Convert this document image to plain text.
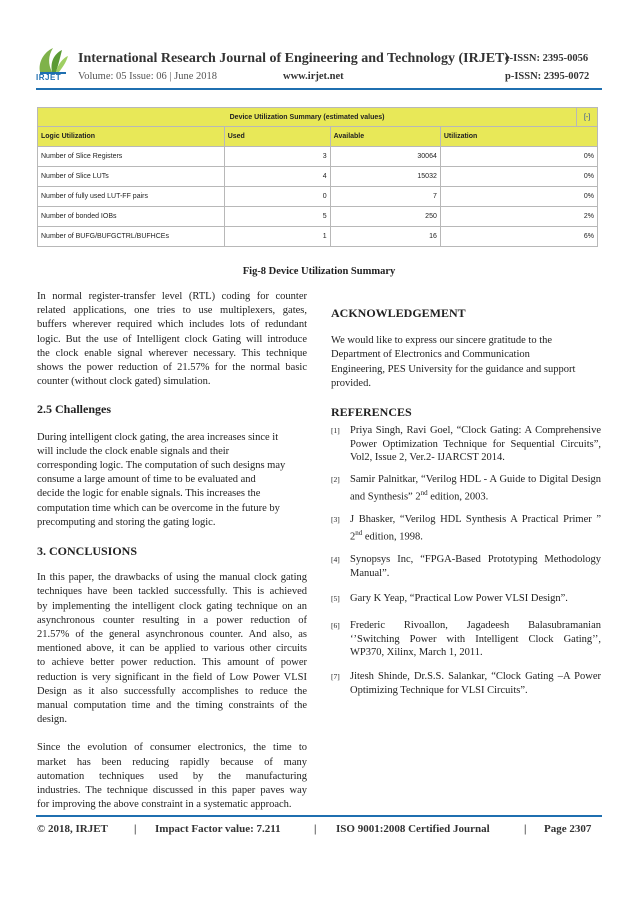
IRJET
International Research Journal of Engineering and Technology (IRJET)
e-ISSN: 2395-0056
Volume: 05 Issue: 06 | June 2018	www.irjet.net	p-ISSN: 2395-0072
Device Utilization Summary (estimated values)				[-]
Logic Utilization	Used	Available	Utilization	
Number of Slice Registers	3	30064	0%	
Number of Slice LUTs	4	15032	0%	
Number of fully used LUT-FF pairs	0	7	0%	
Number of bonded IOBs	5	250	2%	
Number of BUFG/BUFGCTRL/BUFHCEs	1	16	6%	
Fig-8 Device Utilization Summary
In normal register-transfer level (RTL) coding for counter
related applications, one tries to use multiplexers, gates,
buffers wherever required which includes lots of redundant
logic. But the use of Intelligent clock Gating will introduce
the clock enable signal wherever necessary. This technique
shows the power reduction of 21.57% for the normal basic
counter (without clock gated) simulation.
2.5 Challenges
During intelligent clock gating, the area increases since it
will include the clock enable signals and their
corresponding logic. The computation of such designs may
consume a large amount of time to be evaluated and
decide the logic for enable signals. This increases the
computation time which can be overcome in the future by
precomputing and storing the gating logic.
3. CONCLUSIONS
In this paper, the drawbacks of using the manual clock gating
techniques have been tackled successfully. This is achieved
by implementing the intelligent clock gating technique on an
asynchronous counter resulting in a power reduction of
21.57% of the general asynchronous counter. And also, as
mentioned above, it can be applied to various other circuits
to achieve better power reduction. This amount of power
reduction is very significant in the field of Low Power VLSI
Design as it also successfully accomplishes to reduce the
manual computation time and the timing constraints of the
design.
Since the evolution of consumer electronics, the time to
market has been reducing rapidly because of many
automation techniques used by the manufacturing
industries. The technique discussed in this paper paves way
for improving the above constraint in a systematic approach.
ACKNOWLEDGEMENT
We would like to express our sincere gratitude to the
Department of Electronics and Communication
Engineering, PES University for the guidance and support
provided.
REFERENCES
[1] Priya Singh, Ravi Goel, “Clock Gating: A Comprehensive
Power Optimization Technique for Sequential Circuits”,
Vol2, Issue 2, Ver.2- IJARCST 2014.
[2] Samir Palnitkar, “Verilog HDL - A Guide to Digital Design
and Synthesis” 2nd edition, 2003.
[3] J Bhasker, “Verilog HDL Synthesis A Practical Primer ”
2nd edition, 1998.
[4] Synopsys Inc, “FPGA-Based Prototyping Methodology
Manual”.
[5] Gary K Yeap, “Practical Low Power VLSI Design”.
[6] Frederic Rivoallon, Jagadeesh Balasubramanian
‘’Switching Power with Intelligent Clock Gating’’,
WP370, Xilinx, March 1, 2011.
[7] Jitesh Shinde, Dr.S.S. Salankar, “Clock Gating –A Power
Optimizing Technique for VLSI Circuits”.
© 2018, IRJET | Impact Factor value: 7.211	| ISO 9001:2008 Certified Journal	| Page 2307
